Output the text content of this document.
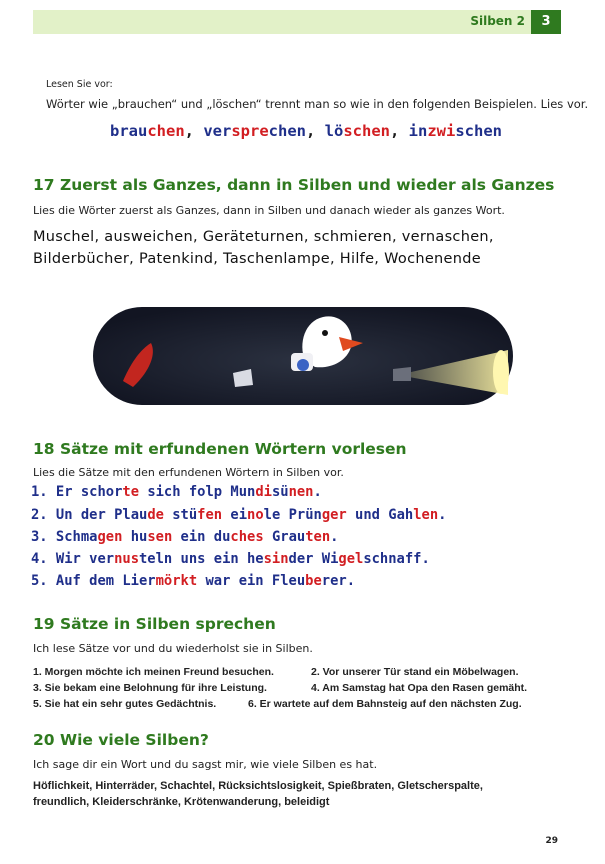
Silben 2	3
Lesen Sie vor:
Wörter wie „brauchen“ und „löschen“ trennt man so wie in den folgenden Beispielen. Lies vor.
brauchen, versprechen, löschen, inzwischen
17 Zuerst als Ganzes, dann in Silben und wieder als Ganzes
Lies die Wörter zuerst als Ganzes, dann in Silben und danach wieder als ganzes Wort.
Muschel, ausweichen, Geräteturnen, schmieren, vernaschen,
Bilderbücher, Patenkind, Taschenlampe, Hilfe, Wochenende
18 Sätze mit erfundenen Wörtern vorlesen
Lies die Sätze mit den erfundenen Wörtern in Silben vor.
1. Er schorte sich folp Mundisünen.
2. Un der Plaude stüfen einole Prünger und Gahlen.
3. Schmagen husen ein duches Grauten.
4. Wir vernusteln uns ein hesinder Wigelschnaff.
5. Auf dem Liermörkt war ein Fleuberer.
19 Sätze in Silben sprechen
Ich lese Sätze vor und du wiederholst sie in Silben.
1. Morgen möchte ich meinen Freund besuchen.	2. Vor unserer Tür stand ein Möbelwagen.
3. Sie bekam eine Belohnung für ihre Leistung.	4. Am Samstag hat Opa den Rasen gemäht.
5. Sie hat ein sehr gutes Gedächtnis.	6. Er wartete auf dem Bahnsteig auf den nächsten Zug.
20 Wie viele Silben?
Ich sage dir ein Wort und du sagst mir, wie viele Silben es hat.
Höflichkeit, Hinterräder, Schachtel, Rücksichtslosigkeit, Spießbraten, Gletscherspalte,
freundlich, Kleiderschränke, Krötenwanderung, beleidigt
29
